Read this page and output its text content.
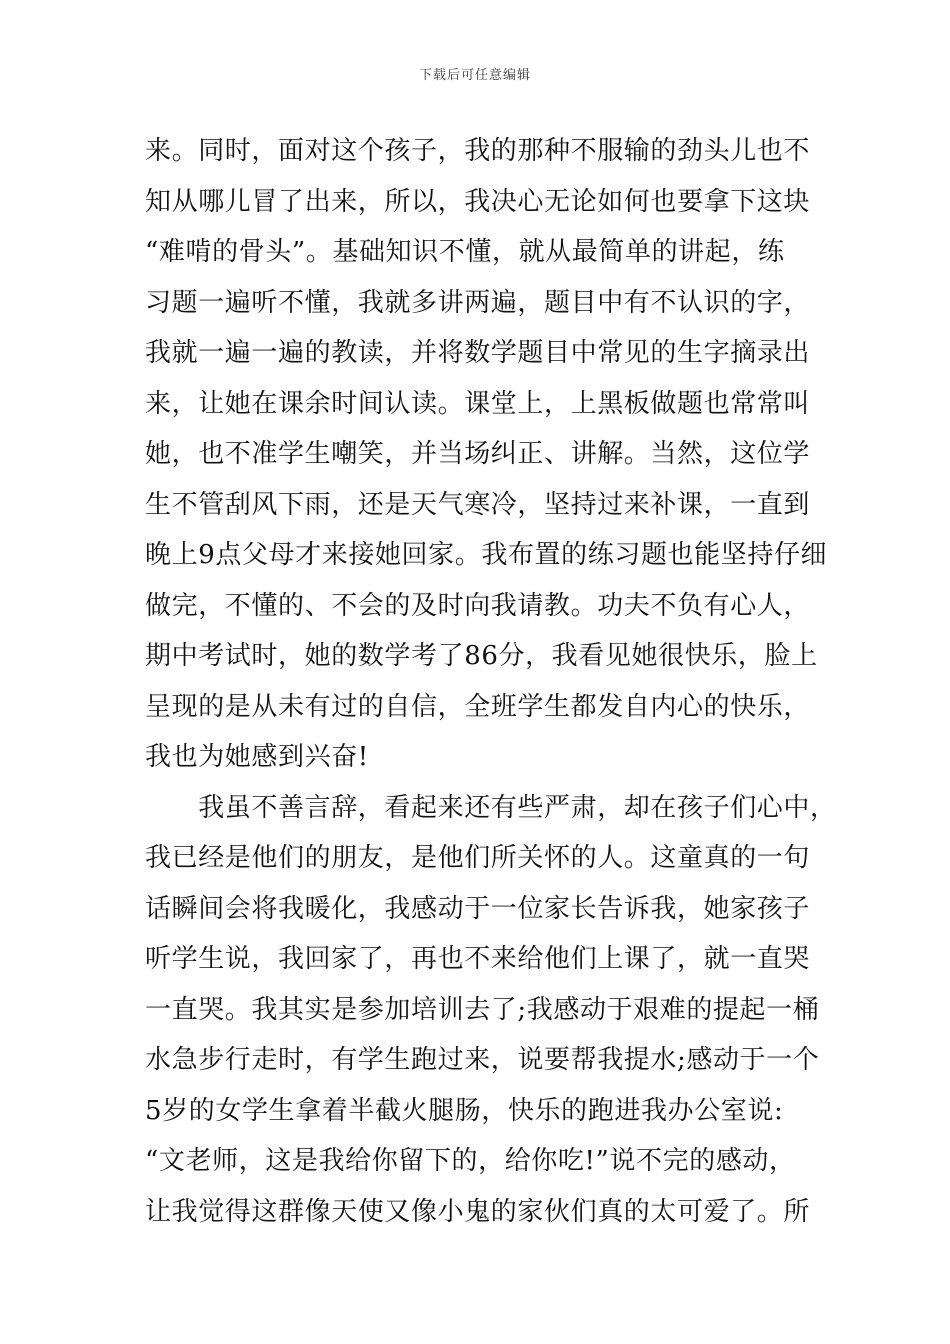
下载后可任意编辑
来。同时，面对这个孩子，我的那种不服输的劲头儿也不
知从哪儿冒了出来，所以，我决心无论如何也要拿下这块
“难啃的骨头”。基础知识不懂，就从最简单的讲起，练
习题一遍听不懂，我就多讲两遍，题目中有不认识的字，
我就一遍一遍的教读，并将数学题目中常见的生字摘录出
来，让她在课余时间认读。课堂上，上黑板做题也常常叫
她，也不准学生嘲笑，并当场纠正、讲解。当然，这位学
生不管刮风下雨，还是天气寒冷，坚持过来补课，一直到
晚上9点父母才来接她回家。我布置的练习题也能坚持仔细
做完，不懂的、不会的及时向我请教。功夫不负有心人，
期中考试时，她的数学考了86分，我看见她很快乐，脸上
呈现的是从未有过的自信，全班学生都发自内心的快乐，
我也为她感到兴奋!
　　我虽不善言辞，看起来还有些严肃，却在孩子们心中，
我已经是他们的朋友，是他们所关怀的人。这童真的一句
话瞬间会将我暖化，我感动于一位家长告诉我，她家孩子
听学生说，我回家了，再也不来给他们上课了，就一直哭
一直哭。我其实是参加培训去了;我感动于艰难的提起一桶
水急步行走时，有学生跑过来，说要帮我提水;感动于一个
5岁的女学生拿着半截火腿肠，快乐的跑进我办公室说:
“文老师，这是我给你留下的，给你吃!”说不完的感动，
让我觉得这群像天使又像小鬼的家伙们真的太可爱了。所
